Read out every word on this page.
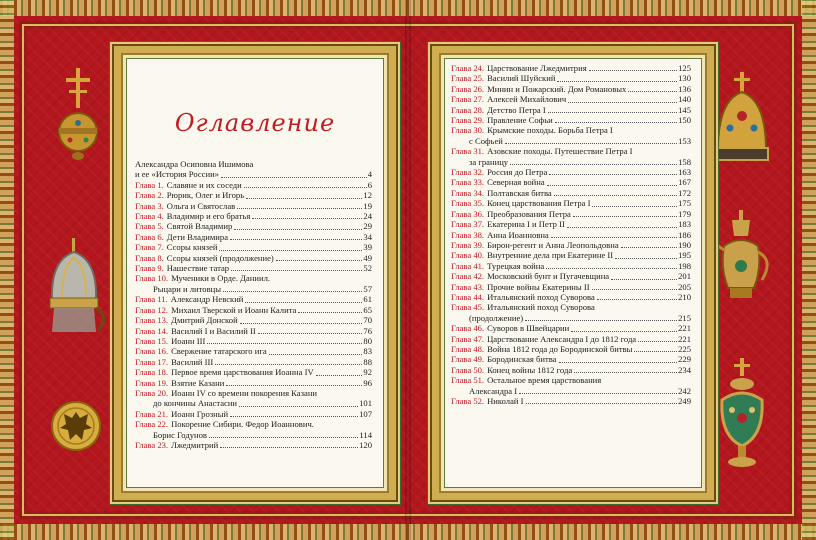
Оглавление
Александра Осиповна Ишимова
и ее «История России»	4
Глава 1. Славяне и их соседи	6
Глава 2. Рюрик, Олег и Игорь	12
Глава 3. Ольга и Святослав	19
Глава 4. Владимир и его братья	24
Глава 5. Святой Владимир	29
Глава 6. Дети Владимира	34
Глава 7. Ссоры князей	39
Глава 8. Ссоры князей (продолжение)	49
Глава 9. Нашествие татар	52
Глава 10. Мученики в Орде. Даниил.
Рыцари и литовцы	57
Глава 11. Александр Невский	61
Глава 12. Михаил Тверской и Иоанн Калита	65
Глава 13. Дмитрий Донской	70
Глава 14. Василий I и Василий II	76
Глава 15. Иоанн III	80
Глава 16. Свержение татарского ига	83
Глава 17. Василий III	88
Глава 18. Первое время царствования Иоанна IV	92
Глава 19. Взятие Казани	96
Глава 20. Иоанн IV со времени покорения Казани
до кончины Анастасии	101
Глава 21. Иоанн Грозный	107
Глава 22. Покорение Сибири. Федор Иоаннович.
Борис Годунов	114
Глава 23. Лжедмитрий	120
Глава 24. Царствование Лжедмитрия	125
Глава 25. Василий Шуйский	130
Глава 26. Минин и Пожарский. Дом Романовых	136
Глава 27. Алексей Михайлович	140
Глава 28. Детство Петра I	145
Глава 29. Правление Софьи	150
Глава 30. Крымские походы. Борьба Петра I
с Софьей	153
Глава 31. Азовские походы. Путешествие Петра I
за границу	158
Глава 32. Россия до Петра	163
Глава 33. Северная война	167
Глава 34. Полтавская битва	172
Глава 35. Конец царствования Петра I	175
Глава 36. Преобразования Петра	179
Глава 37. Екатерина I и Петр II	183
Глава 38. Анна Иоанновна	186
Глава 39. Бирон-регент и Анна Леопольдовна	190
Глава 40. Внутренние дела при Екатерине II	195
Глава 41. Турецкая война	198
Глава 42. Московский бунт и Пугачевщина	201
Глава 43. Прочие войны Екатерины II	205
Глава 44. Итальянский поход Суворова	210
Глава 45. Итальянский поход Суворова
(продолжение)	215
Глава 46. Суворов в Швейцарии	221
Глава 47. Царствование Александра I до 1812 года	221
Глава 48. Война 1812 года до Бородинской битвы	225
Глава 49. Бородинская битва	229
Глава 50. Конец войны 1812 года	234
Глава 51. Остальное время царствования
Александра I	242
Глава 52. Николай I	249
